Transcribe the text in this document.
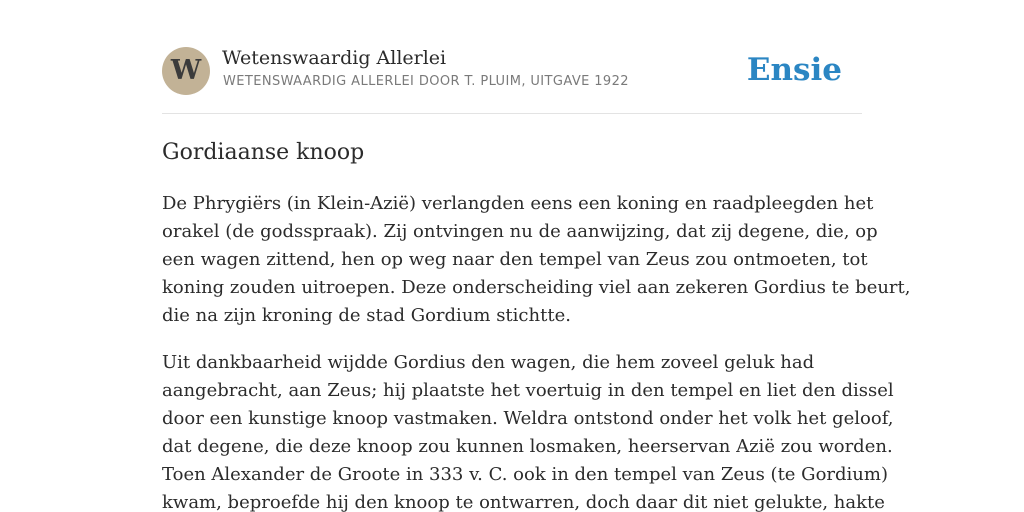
W	Wetenswaardig Allerlei
WETENSWAARDIG ALLERLEI DOOR T. PLUIM, UITGAVE 1922	Ensie
Gordiaanse knoop

De Phrygiërs (in Klein-Azië) verlangden eens een koning en raadpleegden het
orakel (de godsspraak). Zij ontvingen nu de aanwijzing, dat zij degene, die, op
een wagen zittend, hen op weg naar den tempel van Zeus zou ontmoeten, tot
koning zouden uitroepen. Deze onderscheiding viel aan zekeren Gordius te beurt,
die na zijn kroning de stad Gordium stichtte.

Uit dankbaarheid wijdde Gordius den wagen, die hem zoveel geluk had
aangebracht, aan Zeus; hij plaatste het voertuig in den tempel en liet den dissel
door een kunstige knoop vastmaken. Weldra ontstond onder het volk het geloof,
dat degene, die deze knoop zou kunnen losmaken, heerservan Azië zou worden.
Toen Alexander de Groote in 333 v. C. ook in den tempel van Zeus (te Gordium)
kwam, beproefde hij den knoop te ontwarren, doch daar dit niet gelukte, hakte
